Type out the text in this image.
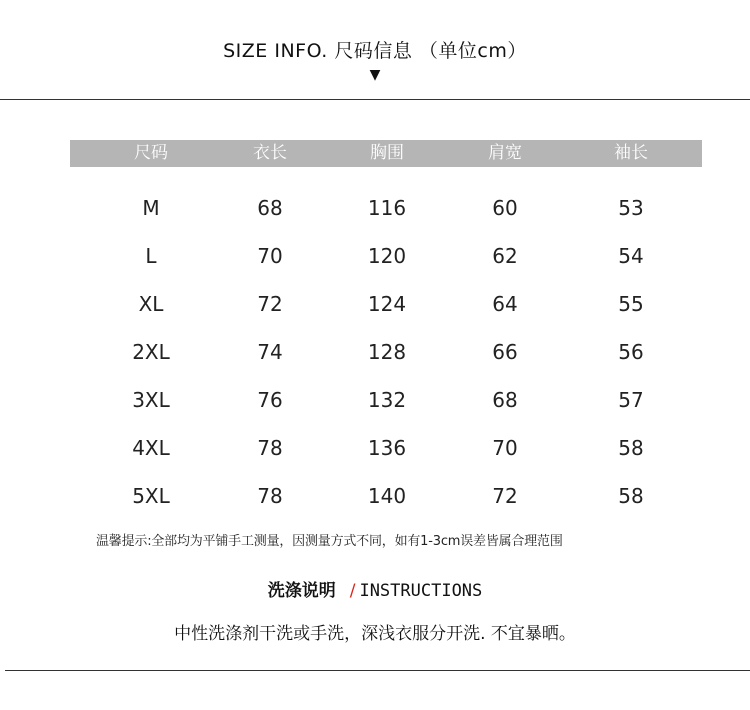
SIZE INFO. 尺码信息 （单位cm）
▼
尺码	衣长	胸围	肩宽	袖长
M	68	116	60	53
L	70	120	62	54
XL	72	124	64	55
2XL	74	128	66	56
3XL	76	132	68	57
4XL	78	136	70	58
5XL	78	140	72	58
温馨提示:全部均为平铺手工测量，因测量方式不同，如有1-3cm误差皆属合理范围
洗涤说明 / INSTRUCTIONS
中性洗涤剂干洗或手洗，深浅衣服分开洗. 不宜暴晒。
